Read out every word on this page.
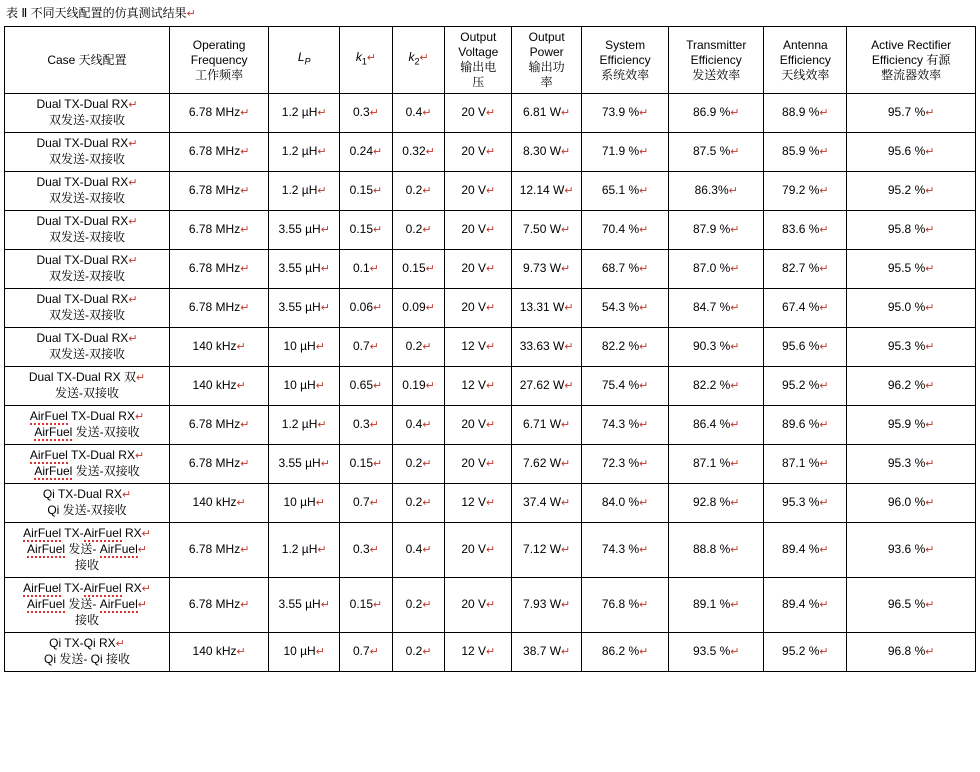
表 Ⅱ 不同天线配置的仿真测试结果↵
Case 天线配置	Operating
Frequency
工作频率	$L_P$	$k_1↵$	$k_2↵$	Output
Voltage
输出电
压	Output
Power
输出功
率	System
Efficiency
系统效率	Transmitter
Efficiency
发送效率	Antenna
Efficiency
天线效率	Active Rectifier
Efficiency 有源
整流器效率

Dual TX-Dual RX↵
双发送-双接收	6.78 MHz↵	1.2 µH↵	0.3↵	0.4↵	20 V↵	6.81 W↵	73.9 %↵	86.9 %↵	88.9 %↵	95.7 %↵

Dual TX-Dual RX↵
双发送-双接收	6.78 MHz↵	1.2 µH↵	0.24↵	0.32↵	20 V↵	8.30 W↵	71.9 %↵	87.5 %↵	85.9 %↵	95.6 %↵

Dual TX-Dual RX↵
双发送-双接收	6.78 MHz↵	1.2 µH↵	0.15↵	0.2↵	20 V↵	12.14 W↵	65.1 %↵	86.3%↵	79.2 %↵	95.2 %↵

Dual TX-Dual RX↵
双发送-双接收	6.78 MHz↵	3.55 µH↵	0.15↵	0.2↵	20 V↵	7.50 W↵	70.4 %↵	87.9 %↵	83.6 %↵	95.8 %↵

Dual TX-Dual RX↵
双发送-双接收	6.78 MHz↵	3.55 µH↵	0.1↵	0.15↵	20 V↵	9.73 W↵	68.7 %↵	87.0 %↵	82.7 %↵	95.5 %↵

Dual TX-Dual RX↵
双发送-双接收	6.78 MHz↵	3.55 µH↵	0.06↵	0.09↵	20 V↵	13.31 W↵	54.3 %↵	84.7 %↵	67.4 %↵	95.0 %↵

Dual TX-Dual RX↵
双发送-双接收	140 kHz↵	10 µH↵	0.7↵	0.2↵	12 V↵	33.63 W↵	82.2 %↵	90.3 %↵	95.6 %↵	95.3 %↵

Dual TX-Dual RX 双↵
发送-双接收	140 kHz↵	10 µH↵	0.65↵	0.19↵	12 V↵	27.62 W↵	75.4 %↵	82.2 %↵	95.2 %↵	96.2 %↵

AirFuel TX-Dual RX↵
AirFuel 发送-双接收	6.78 MHz↵	1.2 µH↵	0.3↵	0.4↵	20 V↵	6.71 W↵	74.3 %↵	86.4 %↵	89.6 %↵	95.9 %↵

AirFuel TX-Dual RX↵
AirFuel 发送-双接收	6.78 MHz↵	3.55 µH↵	0.15↵	0.2↵	20 V↵	7.62 W↵	72.3 %↵	87.1 %↵	87.1 %↵	95.3 %↵

Qi TX-Dual RX↵
Qi 发送-双接收	140 kHz↵	10 µH↵	0.7↵	0.2↵	12 V↵	37.4 W↵	84.0 %↵	92.8 %↵	95.3 %↵	96.0 %↵

AirFuel TX-AirFuel RX↵
AirFuel 发送- AirFuel↵
接收	6.78 MHz↵	1.2 µH↵	0.3↵	0.4↵	20 V↵	7.12 W↵	74.3 %↵	88.8 %↵	89.4 %↵	93.6 %↵

AirFuel TX-AirFuel RX↵
AirFuel 发送- AirFuel↵
接收	6.78 MHz↵	3.55 µH↵	0.15↵	0.2↵	20 V↵	7.93 W↵	76.8 %↵	89.1 %↵	89.4 %↵	96.5 %↵

Qi TX-Qi RX↵
Qi 发送- Qi 接收	140 kHz↵	10 µH↵	0.7↵	0.2↵	12 V↵	38.7 W↵	86.2 %↵	93.5 %↵	95.2 %↵	96.8 %↵
